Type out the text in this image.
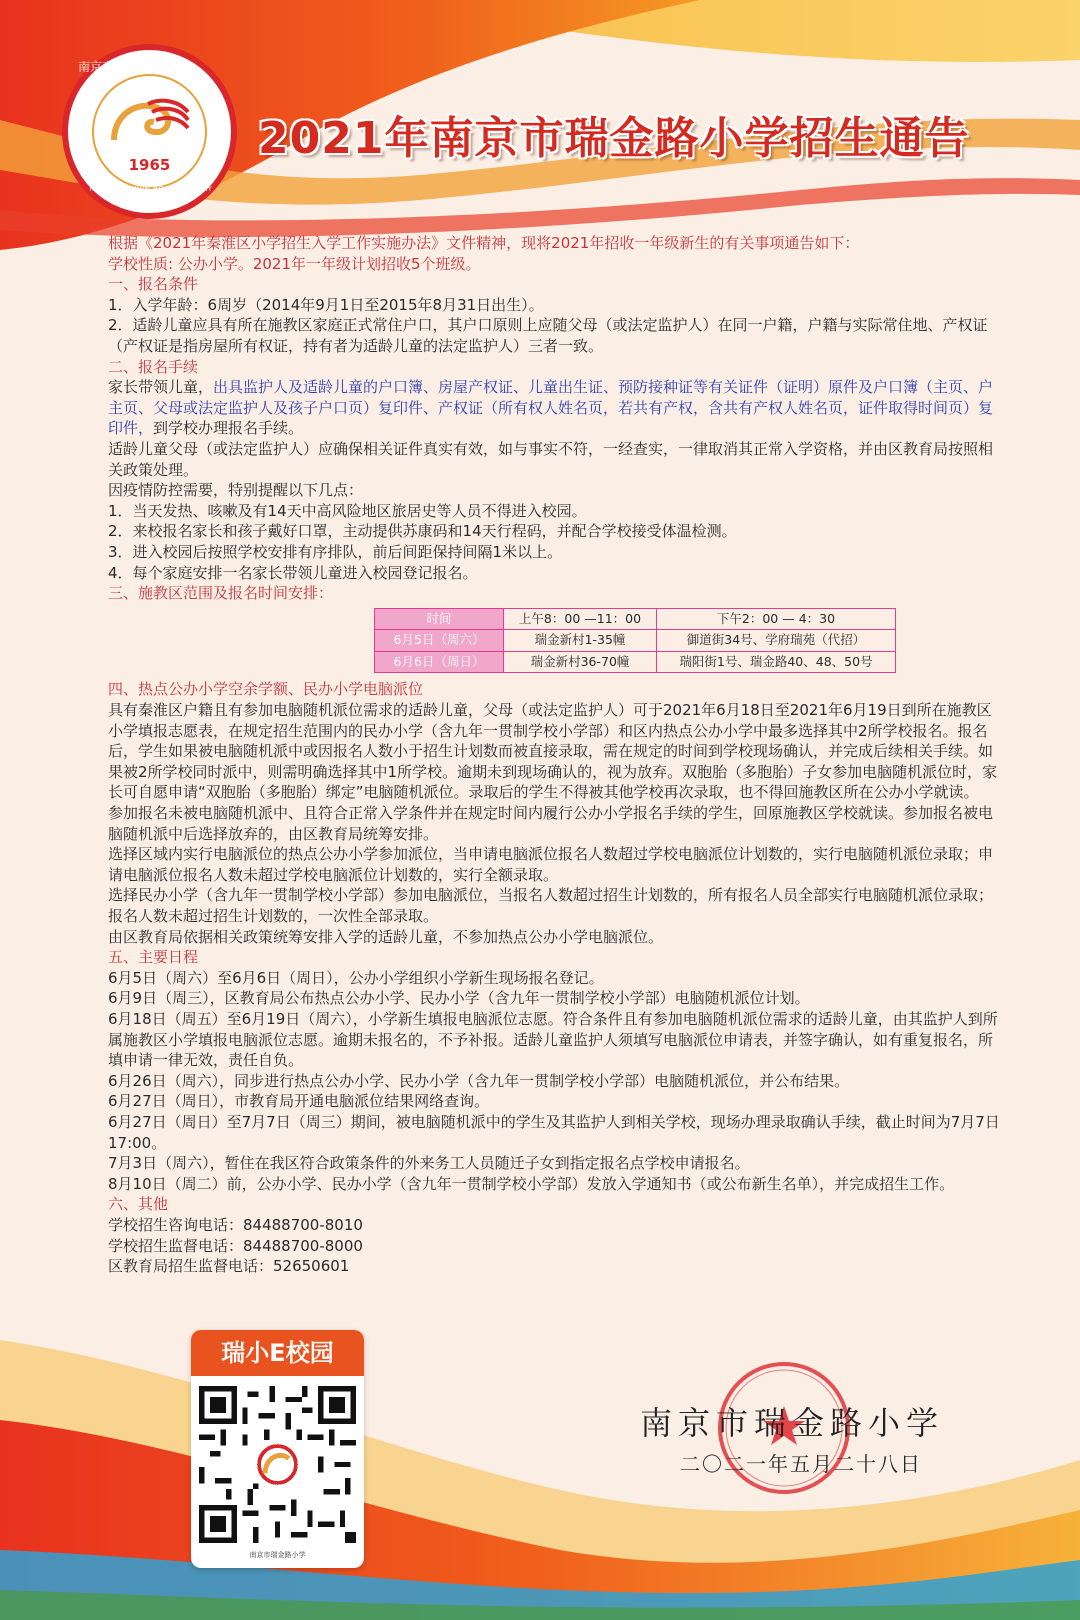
南京市瑞金路小学
1965
NANJING RUIJIN ROAD PRIMARY SCHOOL
2021年南京市瑞金路小学招生通告

根据《2021年秦淮区小学招生入学工作实施办法》文件精神，现将2021年招收一年级新生的有关事项通告如下：

学校性质: 公办小学。2021年一年级计划招收5个班级。

一、报名条件

1．入学年龄：6周岁（2014年9月1日至2015年8月31日出生）。

2．适龄儿童应具有所在施教区家庭正式常住户口，其户口原则上应随父母（或法定监护人）在同一户籍，户籍与实际常住地、产权证（产权证是指房屋所有权证，持有者为适龄儿童的法定监护人）三者一致。

二、报名手续

家长带领儿童，出具监护人及适龄儿童的户口簿、房屋产权证、儿童出生证、预防接种证等有关证件（证明）原件及户口簿（主页、户主页、父母或法定监护人及孩子户口页）复印件、产权证（所有权人姓名页，若共有产权，含共有产权人姓名页，证件取得时间页）复印件，到学校办理报名手续。

适龄儿童父母（或法定监护人）应确保相关证件真实有效，如与事实不符，一经查实，一律取消其正常入学资格，并由区教育局按照相关政策处理。

因疫情防控需要，特别提醒以下几点：

1．当天发热、咳嗽及有14天中高风险地区旅居史等人员不得进入校园。

2．来校报名家长和孩子戴好口罩，主动提供苏康码和14天行程码，并配合学校接受体温检测。

3．进入校园后按照学校安排有序排队，前后间距保持间隔1米以上。

4．每个家庭安排一名家长带领儿童进入校园登记报名。

三、施教区范围及报名时间安排：

时间	上午8：00 —11：00	下午2：00 — 4：30
6月5日（周六）	瑞金新村1-35幢	御道街34号、学府瑞苑（代招）
6月6日（周日）	瑞金新村36-70幢	瑞阳街1号、瑞金路40、48、50号

四、热点公办小学空余学额、民办小学电脑派位

具有秦淮区户籍且有参加电脑随机派位需求的适龄儿童，父母（或法定监护人）可于2021年6月18日至2021年6月19日到所在施教区小学填报志愿表，在规定招生范围内的民办小学（含九年一贯制学校小学部）和区内热点公办小学中最多选择其中2所学校报名。报名后，学生如果被电脑随机派中或因报名人数小于招生计划数而被直接录取，需在规定的时间到学校现场确认，并完成后续相关手续。如果被2所学校同时派中，则需明确选择其中1所学校。逾期未到现场确认的，视为放弃。双胞胎（多胞胎）子女参加电脑随机派位时，家长可自愿申请“双胞胎（多胞胎）绑定”电脑随机派位。录取后的学生不得被其他学校再次录取，也不得回施教区所在公办小学就读。

参加报名未被电脑随机派中、且符合正常入学条件并在规定时间内履行公办小学报名手续的学生，回原施教区学校就读。参加报名被电脑随机派中后选择放弃的，由区教育局统筹安排。

选择区域内实行电脑派位的热点公办小学参加派位，当申请电脑派位报名人数超过学校电脑派位计划数的，实行电脑随机派位录取；申请电脑派位报名人数未超过学校电脑派位计划数的，实行全额录取。

选择民办小学（含九年一贯制学校小学部）参加电脑派位，当报名人数超过招生计划数的，所有报名人员全部实行电脑随机派位录取；报名人数未超过招生计划数的，一次性全部录取。

由区教育局依据相关政策统筹安排入学的适龄儿童，不参加热点公办小学电脑派位。

五、主要日程

6月5日（周六）至6月6日（周日），公办小学组织小学新生现场报名登记。

6月9日（周三），区教育局公布热点公办小学、民办小学（含九年一贯制学校小学部）电脑随机派位计划。

6月18日（周五）至6月19日（周六），小学新生填报电脑派位志愿。符合条件且有参加电脑随机派位需求的适龄儿童，由其监护人到所属施教区小学填报电脑派位志愿。逾期未报名的，不予补报。适龄儿童监护人须填写电脑派位申请表，并签字确认，如有重复报名，所填申请一律无效，责任自负。

6月26日（周六），同步进行热点公办小学、民办小学（含九年一贯制学校小学部）电脑随机派位，并公布结果。

6月27日（周日），市教育局开通电脑派位结果网络查询。

6月27日（周日）至7月7日（周三）期间，被电脑随机派中的学生及其监护人到相关学校，现场办理录取确认手续，截止时间为7月7日17:00。

7月3日（周六），暂住在我区符合政策条件的外来务工人员随迁子女到指定报名点学校申请报名。

8月10日（周二）前，公办小学、民办小学（含九年一贯制学校小学部）发放入学通知书（或公布新生名单），并完成招生工作。

六、其他

学校招生咨询电话：84488700-8010

学校招生监督电话：84488700-8000

区教育局招生监督电话：52650601

瑞小E校园
南京市瑞金路小学
南京市瑞金路小学
二〇二一年五月二十八日
